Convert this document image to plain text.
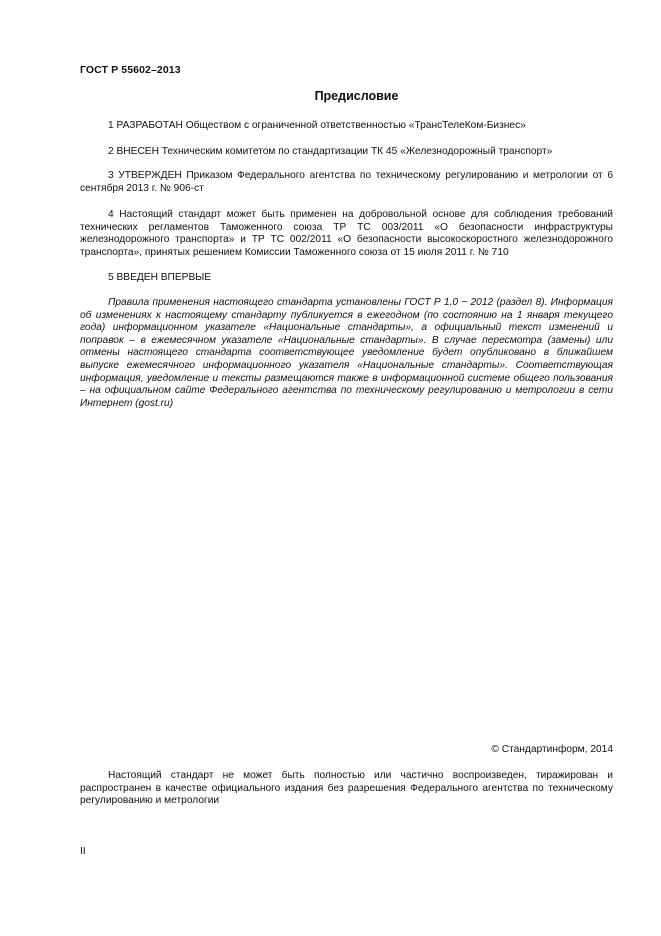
ГОСТ Р 55602–2013
Предисловие

1 РАЗРАБОТАН Обществом с ограниченной ответственностью «ТрансТелеКом-Бизнес»

2 ВНЕСЕН Техническим комитетом по стандартизации ТК 45 «Железнодорожный транспорт»

3 УТВЕРЖДЕН Приказом Федерального агентства по техническому регулированию и метрологии от 6 сентября 2013 г. № 906-ст

4 Настоящий стандарт может быть применен на добровольной основе для соблюдения требований технических регламентов Таможенного союза ТР ТС 003/2011 «О безопасности инфраструктуры железнодорожного транспорта» и ТР ТС 002/2011 «О безопасности высокоскоростного железнодорожного транспорта», принятых решением Комиссии Таможенного союза от 15 июля 2011 г. № 710

5 ВВЕДЕН ВПЕРВЫЕ

Правила применения настоящего стандарта установлены ГОСТ Р 1.0 − 2012 (раздел 8). Информация об изменениях к настоящему стандарту публикуется в ежегодном (по состоянию на 1 января текущего года) информационном указателе «Национальные стандарты», а официальный текст изменений и поправок – в ежемесячном указателе «Национальные стандарты». В случае пересмотра (замены) или отмены настоящего стандарта соответствующее уведомление будет опубликовано в ближайшем выпуске ежемесячного информационного указателя «Национальные стандарты». Соответствующая информация, уведомление и тексты размещаются также в информационной системе общего пользования – на официальном сайте Федерального агентства по техническому регулированию и метрологии в сети Интернет (gost.ru)

© Стандартинформ, 2014

Настоящий стандарт не может быть полностью или частично воспроизведен, тиражирован и распространен в качестве официального издания без разрешения Федерального агентства по техническому регулированию и метрологии

II
